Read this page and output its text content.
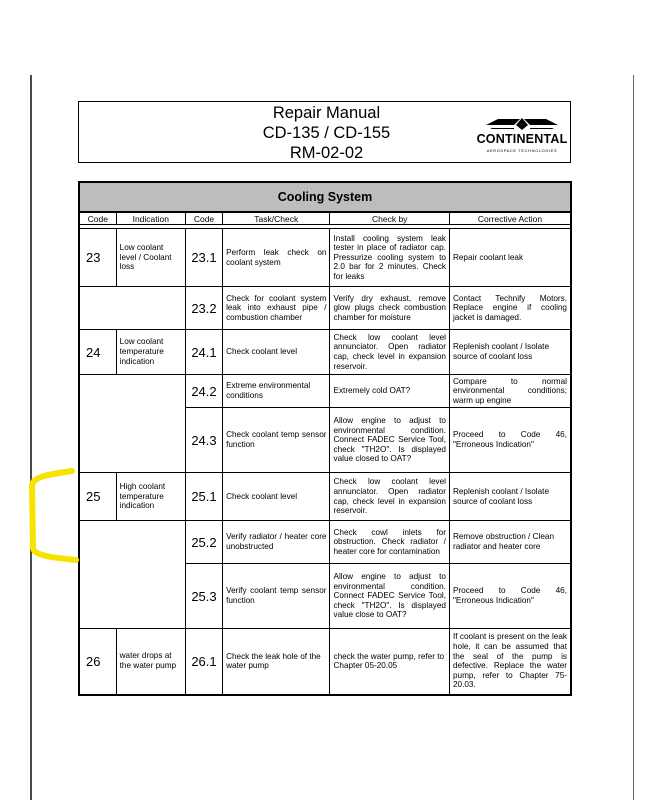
Repair Manual
CD-135 / CD-155
RM-02-02
CONTINENTAL
AEROSPACE TECHNOLOGIES
Cooling System					
Code	Indication	Code	Task/Check	Check by	Corrective Action

23	Low coolant level / Coolant loss	23.1	Perform leak check on coolant system	Install cooling system leak tester in place of radiator cap. Pressurize cooling system to 2.0 bar for 2 minutes. Check for leaks	Repair coolant leak
		23.2	Check for coolant system leak into exhaust pipe / combustion chamber	Verify dry exhaust, remove glow plugs check combustion chamber for moisture	Contact Technify Motors. Replace engine if cooling jacket is damaged.
24	Low coolant temperature indication	24.1	Check coolant level	Check low coolant level annunciator. Open radiator cap, check level in expansion reservoir.	Replenish coolant / Isolate source of coolant loss
		24.2	Extreme environmental conditions	Extremely cold OAT?	Compare to normal environmental conditions; warm up engine
		24.3	Check coolant temp sensor function	Allow engine to adjust to environmental condition. Connect FADEC Service Tool, check "TH2O". Is displayed value closed to OAT?	Proceed to Code 46, "Erroneous Indication"
25	High coolant temperature indication	25.1	Check coolant level	Check low coolant level annunciator. Open radiator cap, check level in expansion reservoir.	Replenish coolant / Isolate source of coolant loss
		25.2	Verify radiator / heater core unobstructed	Check cowl inlets for obstruction. Check radiator / heater core for contamination	Remove obstruction / Clean radiator and heater core
		25.3	Verify coolant temp sensor function	Allow engine to adjust to environmental condition. Connect FADEC Service Tool, check "TH2O". Is displayed value close to OAT?	Proceed to Code 46, "Erroneous Indication"
26	water drops at the water pump	26.1	Check the leak hole of the water pump	check the water pump, refer to Chapter 05-20.05	If coolant is present on the leak hole, it can be assumed that the seal of the pump is defective. Replace the water pump, refer to Chapter 75-20.03.
